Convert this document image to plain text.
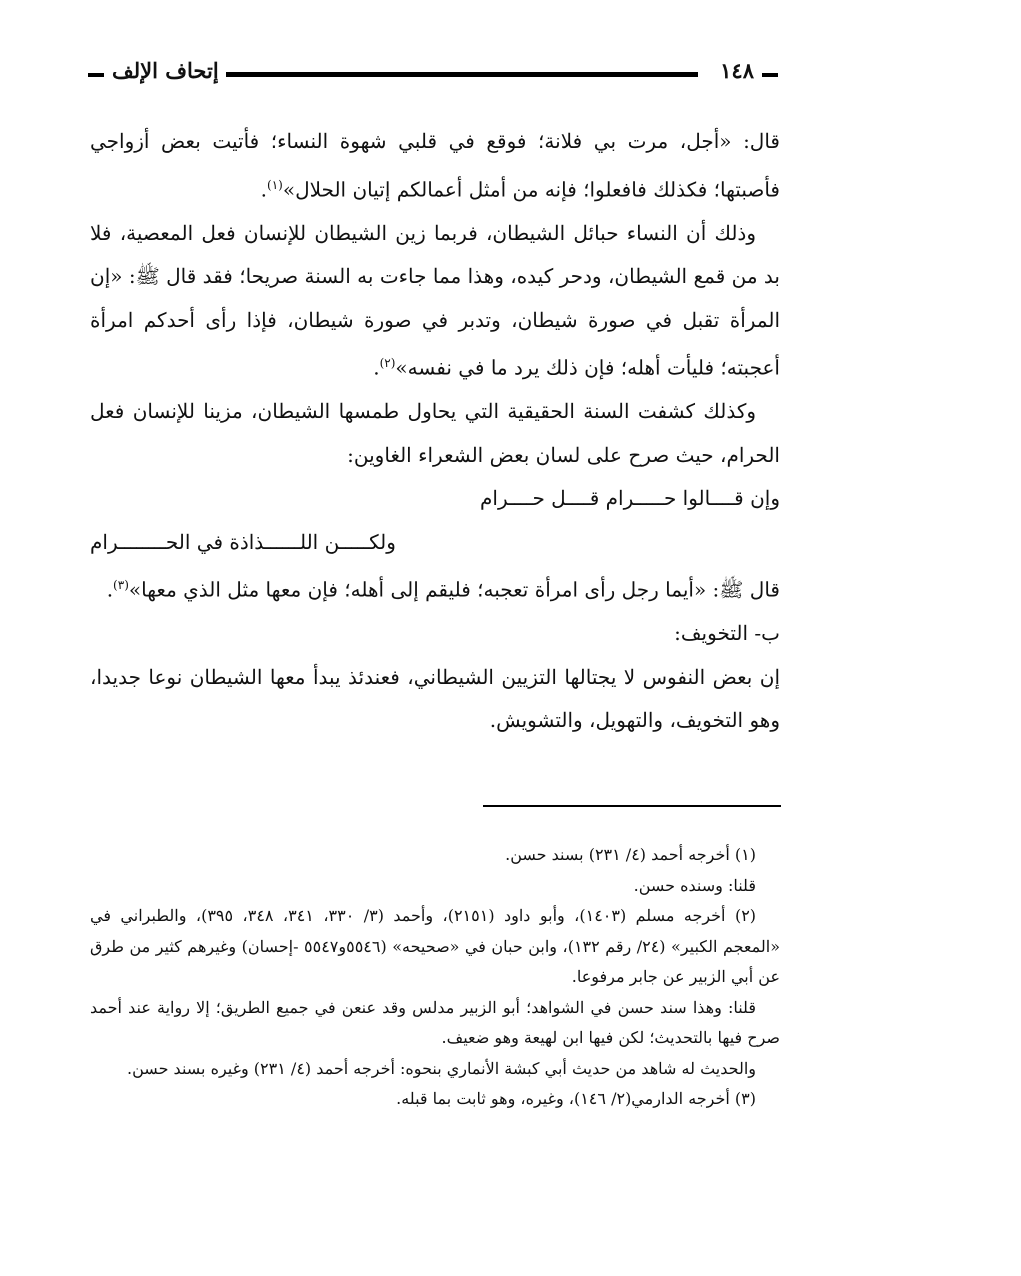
إتحاف الإلف	١٤٨

قال: «أجل، مرت بي فلانة؛ فوقع في قلبي شهوة النساء؛ فأتيت بعض أزواجي فأصبتها؛ فكذلك فافعلوا؛ فإنه من أمثل أعمالكم إتيان الحلال»$^{(١)}$.

وذلك أن النساء حبائل الشيطان، فربما زين الشيطان للإنسان فعل المعصية، فلا بد من قمع الشيطان، ودحر كيده، وهذا مما جاءت به السنة صريحا؛ فقد قال ﷺ: «إن المرأة تقبل في صورة شيطان، وتدبر في صورة شيطان، فإذا رأى أحدكم امرأة أعجبته؛ فليأت أهله؛ فإن ذلك يرد ما في نفسه»$^{(٢)}$.

وكذلك كشفت السنة الحقيقية التي يحاول طمسها الشيطان، مزينا للإنسان فعل الحرام، حيث صرح على لسان بعض الشعراء الغاوين:

وإن قــــالوا حـــــرام قــــل حــــرام
ولكـــــن اللــــــذاذة في الحــــــــرام

قال ﷺ: «أيما رجل رأى امرأة تعجبه؛ فليقم إلى أهله؛ فإن معها مثل الذي معها»$^{(٣)}$.

ب- التخويف:

إن بعض النفوس لا يجتالها التزيين الشيطاني، فعندئذ يبدأ معها الشيطان نوعا جديدا، وهو التخويف، والتهويل، والتشويش.

(١) أخرجه أحمد (٤/ ٢٣١) بسند حسن.

قلنا: وسنده حسن.

(٢) أخرجه مسلم (١٤٠٣)، وأبو داود (٢١٥١)، وأحمد (٣/ ٣٣٠، ٣٤١، ٣٤٨، ٣٩٥)، والطبراني في «المعجم الكبير» (٢٤/ رقم ١٣٢)، وابن حبان في «صحيحه» (٥٥٤٦و٥٥٤٧ -إحسان) وغيرهم كثير من طرق عن أبي الزبير عن جابر مرفوعا.

قلنا: وهذا سند حسن في الشواهد؛ أبو الزبير مدلس وقد عنعن في جميع الطريق؛ إلا رواية عند أحمد صرح فيها بالتحديث؛ لكن فيها ابن لهيعة وهو ضعيف.

والحديث له شاهد من حديث أبي كبشة الأنماري بنحوه: أخرجه أحمد (٤/ ٢٣١) وغيره بسند حسن.

(٣) أخرجه الدارمي(٢/ ١٤٦)، وغيره، وهو ثابت بما قبله.
